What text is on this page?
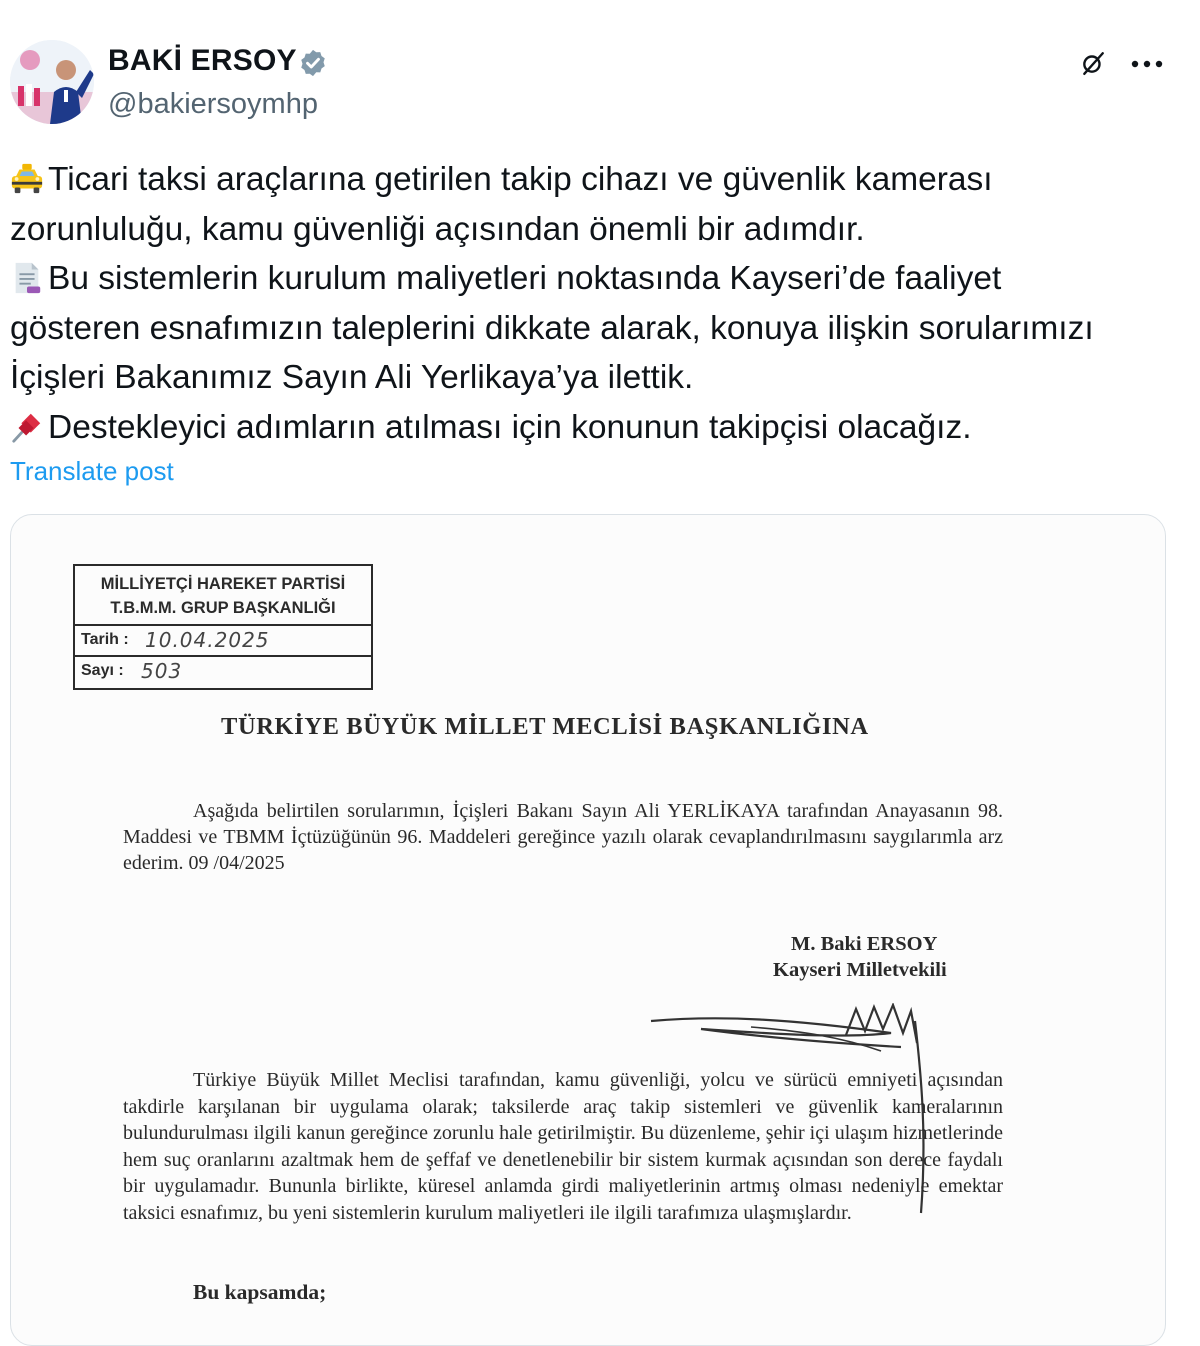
BAKİ ERSOY
@bakiersoymhp
Ticari taksi araçlarına getirilen takip cihazı ve güvenlik kamerası
zorunluluğu, kamu güvenliği açısından önemli bir adımdır.
Bu sistemlerin kurulum maliyetleri noktasında Kayseri’de faaliyet
gösteren esnafımızın taleplerini dikkate alarak, konuya ilişkin sorularımızı
İçişleri Bakanımız Sayın Ali Yerlikaya’ya ilettik.
Destekleyici adımların atılması için konunun takipçisi olacağız.
Translate post
MİLLİYETÇİ HAREKET PARTİSİ
T.B.M.M. GRUP BAŞKANLIĞI
Tarih : 10.04.2025
Sayı : 503
TÜRKİYE BÜYÜK MİLLET MECLİSİ BAŞKANLIĞINA
Aşağıda belirtilen sorularımın, İçişleri Bakanı Sayın Ali YERLİKAYA tarafından Anayasanın 98. Maddesi ve TBMM İçtüzüğünün 96. Maddeleri gereğince yazılı olarak cevaplandırılmasını saygılarımla arz ederim. 09 /04/2025
M. Baki ERSOY
Kayseri Milletvekili
Türkiye Büyük Millet Meclisi tarafından, kamu güvenliği, yolcu ve sürücü emniyeti açısından takdirle karşılanan bir uygulama olarak; taksilerde araç takip sistemleri ve güvenlik kameralarının bulundurulması ilgili kanun gereğince zorunlu hale getirilmiştir. Bu düzenleme, şehir içi ulaşım hizmetlerinde hem suç oranlarını azaltmak hem de şeffaf ve denetlenebilir bir sistem kurmak açısından son derece faydalı bir uygulamadır. Bununla birlikte, küresel anlamda girdi maliyetlerinin artmış olması nedeniyle emektar taksici esnafımız, bu yeni sistemlerin kurulum maliyetleri ile ilgili tarafımıza ulaşmışlardır.
Bu kapsamda;
